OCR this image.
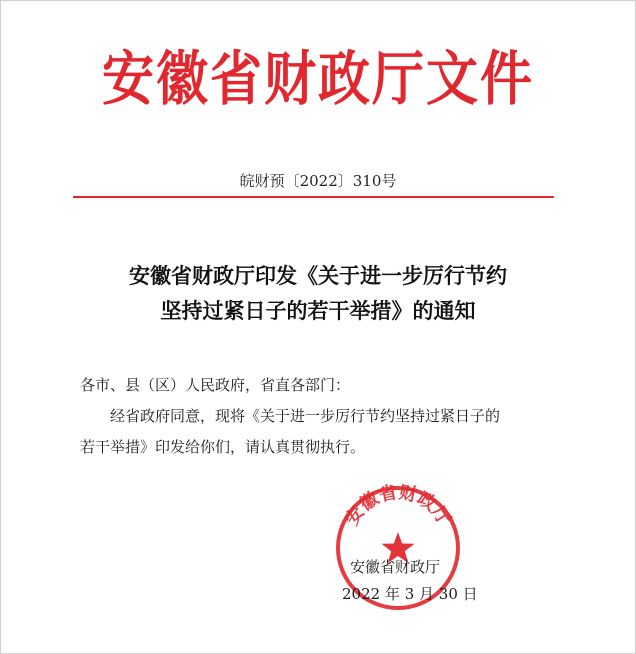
安徽省财政厅文件
皖财预〔2022〕310号
安徽省财政厅印发《关于进一步厉行节约
坚持过紧日子的若干举措》的通知
各市、县（区）人民政府，省直各部门：
经省政府同意，现将《关于进一步厉行节约坚持过紧日子的
若干举措》印发给你们，请认真贯彻执行。
安徽省财政厅
安徽省财政厅
2022 年 3 月 30 日
